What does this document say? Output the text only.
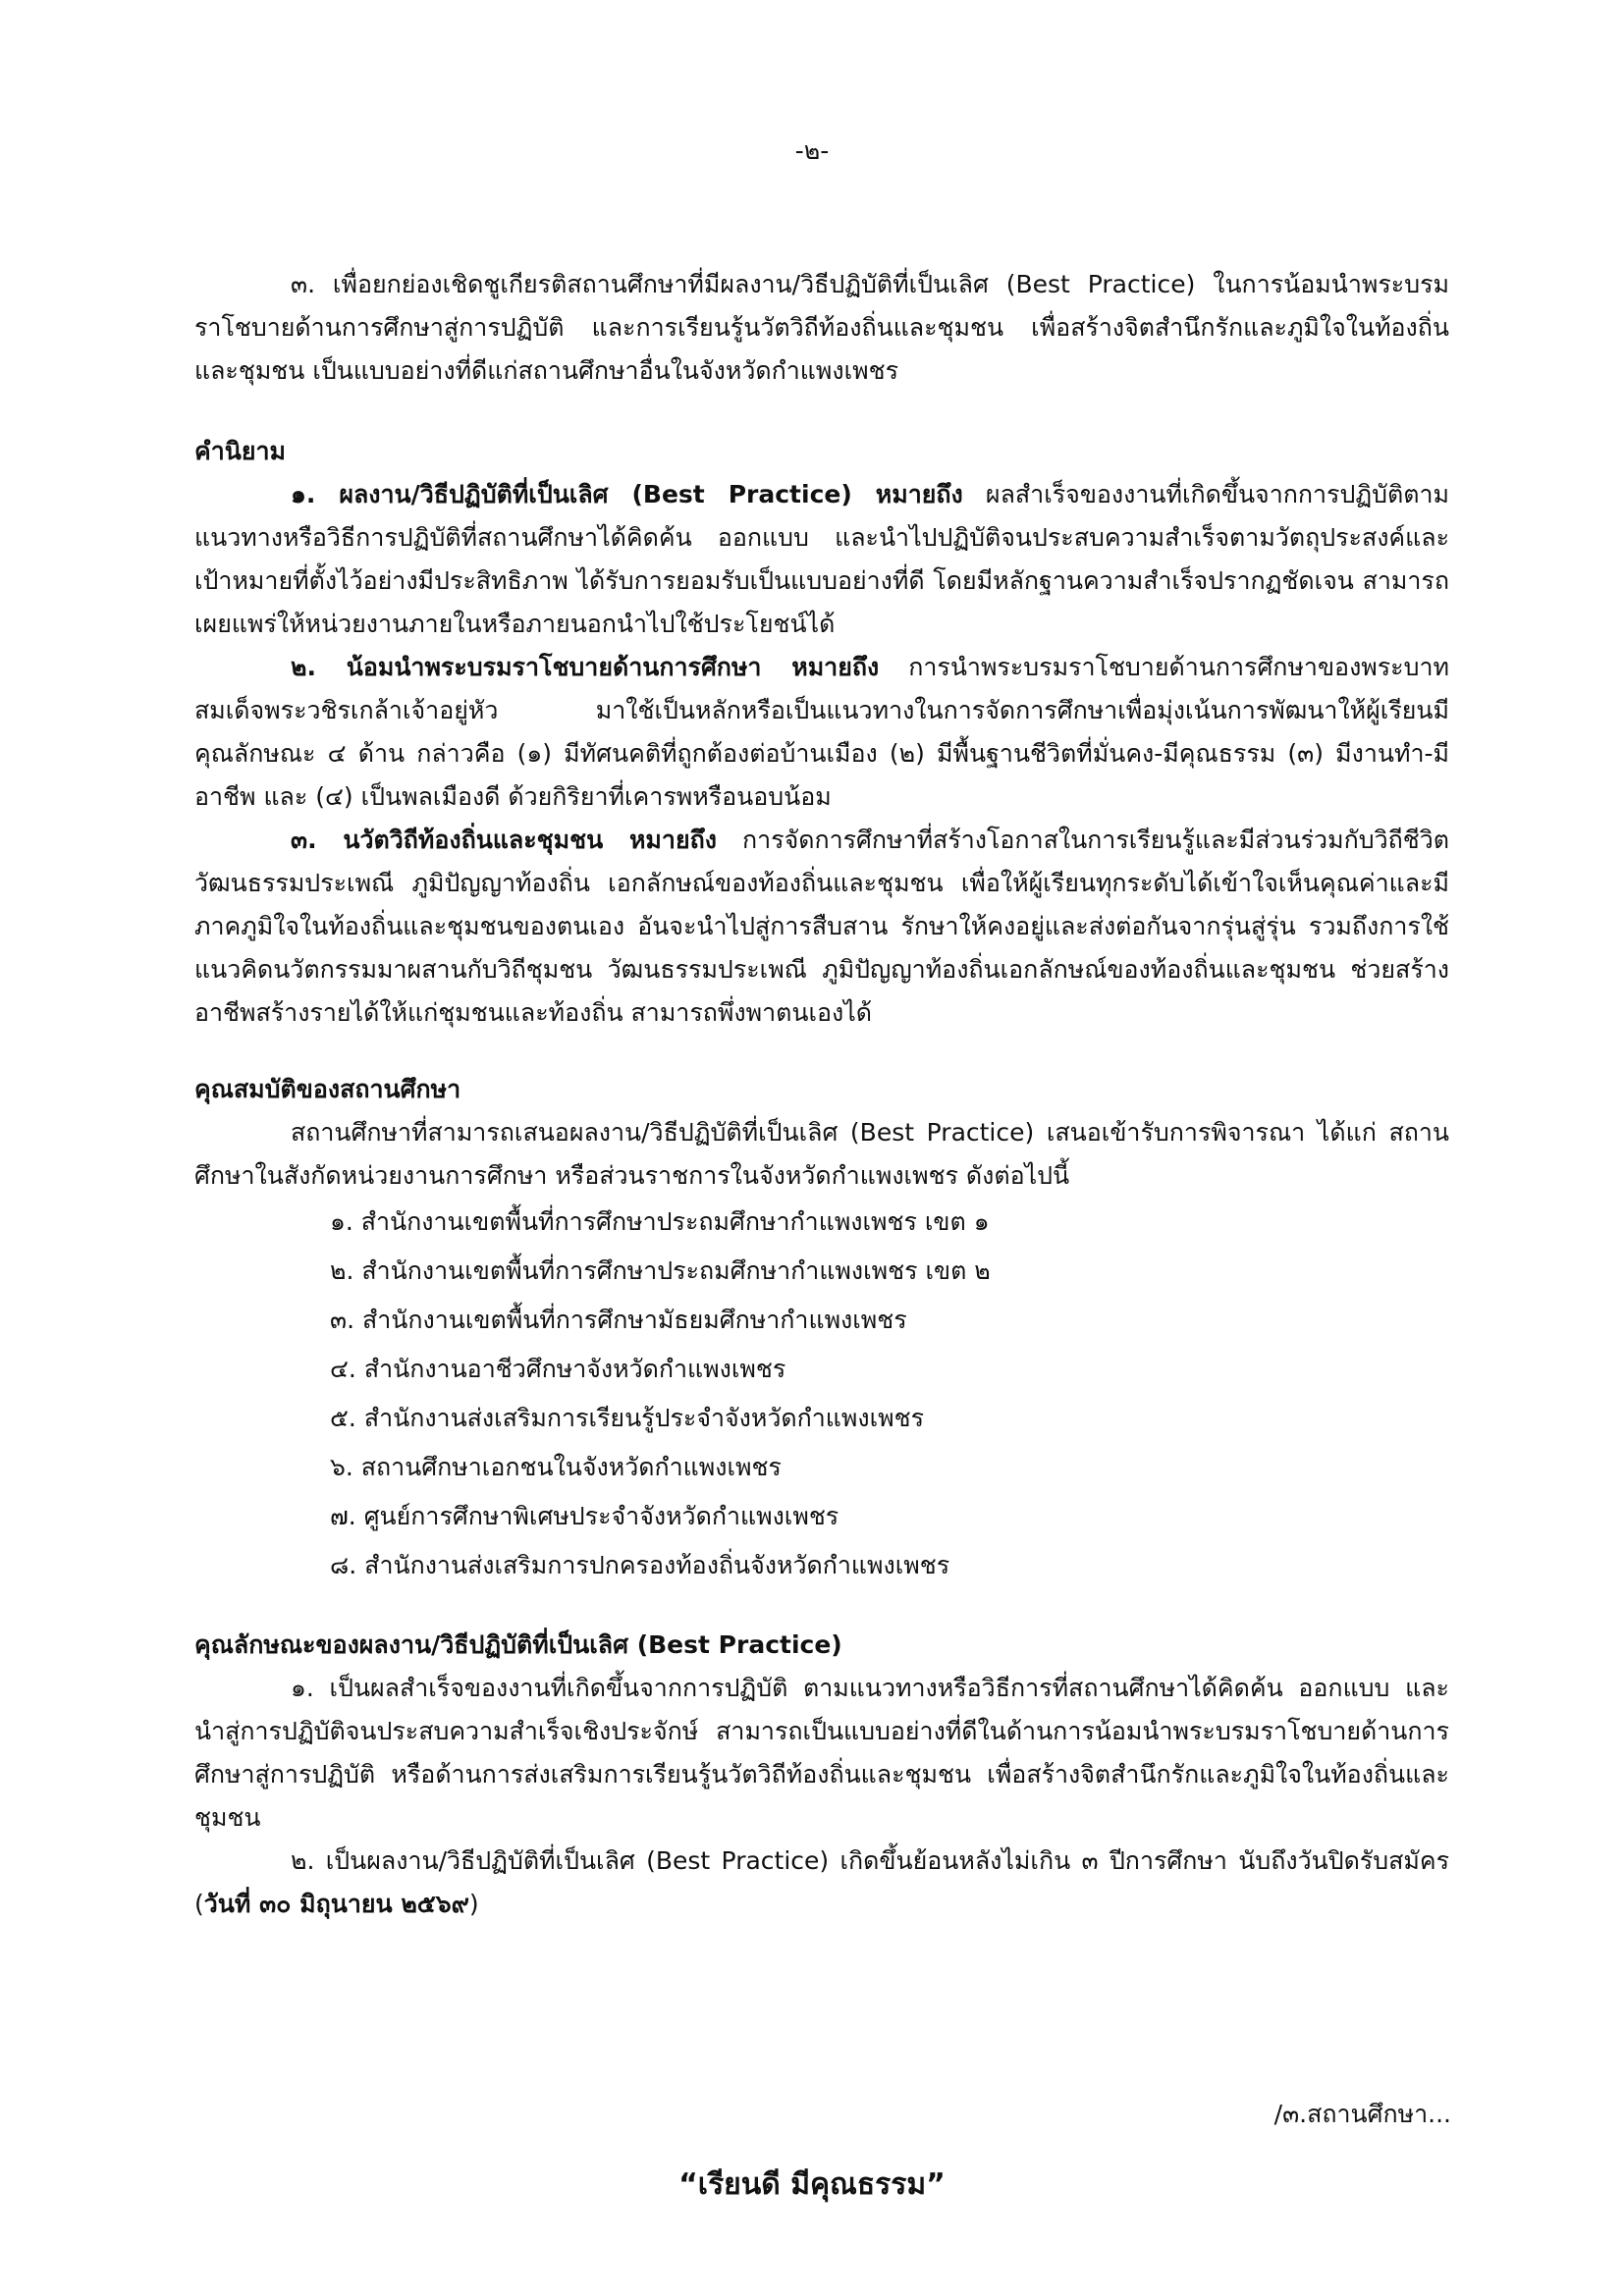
-๒-

๓. เพื่อยกย่องเชิดชูเกียรติสถานศึกษาที่มีผลงาน/วิธีปฏิบัติที่เป็นเลิศ (Best Practice) ในการน้อมนำพระบรมราโชบายด้านการศึกษาสู่การปฏิบัติ และการเรียนรู้นวัตวิถีท้องถิ่นและชุมชน เพื่อสร้างจิตสำนึกรักและภูมิใจในท้องถิ่นและชุมชน เป็นแบบอย่างที่ดีแก่สถานศึกษาอื่นในจังหวัดกำแพงเพชร

คำนิยาม

๑. ผลงาน/วิธีปฏิบัติที่เป็นเลิศ (Best Practice) หมายถึง ผลสำเร็จของงานที่เกิดขึ้นจากการปฏิบัติตามแนวทางหรือวิธีการปฏิบัติที่สถานศึกษาได้คิดค้น ออกแบบ และนำไปปฏิบัติจนประสบความสำเร็จตามวัตถุประสงค์และเป้าหมายที่ตั้งไว้อย่างมีประสิทธิภาพ ได้รับการยอมรับเป็นแบบอย่างที่ดี โดยมีหลักฐานความสำเร็จปรากฏชัดเจน สามารถเผยแพร่ให้หน่วยงานภายในหรือภายนอกนำไปใช้ประโยชน์ได้

๒. น้อมนำพระบรมราโชบายด้านการศึกษา หมายถึง การนำพระบรมราโชบายด้านการศึกษาของพระบาทสมเด็จพระวชิรเกล้าเจ้าอยู่หัว มาใช้เป็นหลักหรือเป็นแนวทางในการจัดการศึกษาเพื่อมุ่งเน้นการพัฒนาให้ผู้เรียนมีคุณลักษณะ ๔ ด้าน กล่าวคือ (๑) มีทัศนคติที่ถูกต้องต่อบ้านเมือง (๒) มีพื้นฐานชีวิตที่มั่นคง-มีคุณธรรม (๓) มีงานทำ-มีอาชีพ และ (๔) เป็นพลเมืองดี ด้วยกิริยาที่เคารพหรือนอบน้อม

๓. นวัตวิถีท้องถิ่นและชุมชน หมายถึง การจัดการศึกษาที่สร้างโอกาสในการเรียนรู้และมีส่วนร่วมกับวิถีชีวิต วัฒนธรรมประเพณี ภูมิปัญญาท้องถิ่น เอกลักษณ์ของท้องถิ่นและชุมชน เพื่อให้ผู้เรียนทุกระดับได้เข้าใจเห็นคุณค่าและมีภาคภูมิใจในท้องถิ่นและชุมชนของตนเอง อันจะนำไปสู่การสืบสาน รักษาให้คงอยู่และส่งต่อกันจากรุ่นสู่รุ่น รวมถึงการใช้แนวคิดนวัตกรรมมาผสานกับวิถีชุมชน วัฒนธรรมประเพณี ภูมิปัญญาท้องถิ่นเอกลักษณ์ของท้องถิ่นและชุมชน ช่วยสร้างอาชีพสร้างรายได้ให้แก่ชุมชนและท้องถิ่น สามารถพึ่งพาตนเองได้

คุณสมบัติของสถานศึกษา

สถานศึกษาที่สามารถเสนอผลงาน/วิธีปฏิบัติที่เป็นเลิศ (Best Practice) เสนอเข้ารับการพิจารณา ได้แก่ สถานศึกษาในสังกัดหน่วยงานการศึกษา หรือส่วนราชการในจังหวัดกำแพงเพชร ดังต่อไปนี้

๑. สำนักงานเขตพื้นที่การศึกษาประถมศึกษากำแพงเพชร เขต ๑
๒. สำนักงานเขตพื้นที่การศึกษาประถมศึกษากำแพงเพชร เขต ๒
๓. สำนักงานเขตพื้นที่การศึกษามัธยมศึกษากำแพงเพชร
๔. สำนักงานอาชีวศึกษาจังหวัดกำแพงเพชร
๕. สำนักงานส่งเสริมการเรียนรู้ประจำจังหวัดกำแพงเพชร
๖. สถานศึกษาเอกชนในจังหวัดกำแพงเพชร
๗. ศูนย์การศึกษาพิเศษประจำจังหวัดกำแพงเพชร
๘. สำนักงานส่งเสริมการปกครองท้องถิ่นจังหวัดกำแพงเพชร

คุณลักษณะของผลงาน/วิธีปฏิบัติที่เป็นเลิศ (Best Practice)

๑. เป็นผลสำเร็จของงานที่เกิดขึ้นจากการปฏิบัติ ตามแนวทางหรือวิธีการที่สถานศึกษาได้คิดค้น ออกแบบ และนำสู่การปฏิบัติจนประสบความสำเร็จเชิงประจักษ์ สามารถเป็นแบบอย่างที่ดีในด้านการน้อมนำพระบรมราโชบายด้านการศึกษาสู่การปฏิบัติ หรือด้านการส่งเสริมการเรียนรู้นวัตวิถีท้องถิ่นและชุมชน เพื่อสร้างจิตสำนึกรักและภูมิใจในท้องถิ่นและชุมชน

๒. เป็นผลงาน/วิธีปฏิบัติที่เป็นเลิศ (Best Practice) เกิดขึ้นย้อนหลังไม่เกิน ๓ ปีการศึกษา นับถึงวันปิดรับสมัคร (วันที่ ๓๐ มิถุนายน ๒๕๖๙)

/๓.สถานศึกษา...
“เรียนดี มีคุณธรรม”
